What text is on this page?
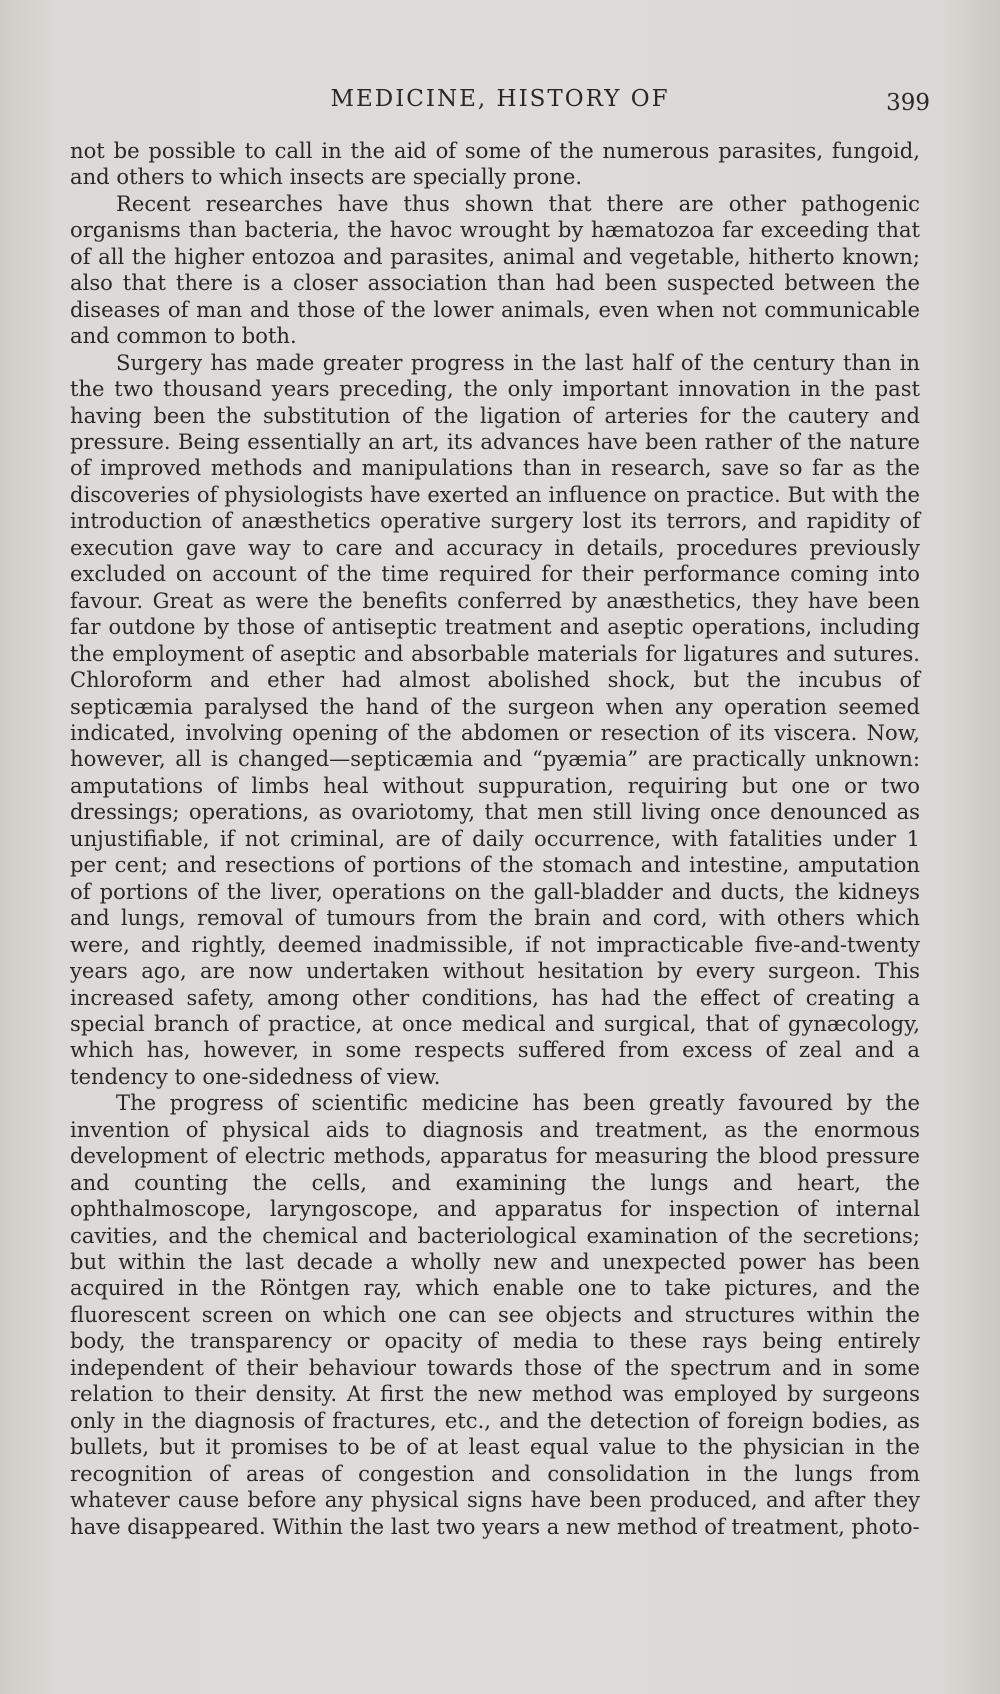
MEDICINE, HISTORY OF	399

not be possible to call in the aid of some of the numerous parasites, fungoid, and others to which insects are specially prone.

Recent researches have thus shown that there are other pathogenic organisms than bacteria, the havoc wrought by hæmatozoa far exceeding that of all the higher entozoa and parasites, animal and vegetable, hitherto known; also that there is a closer association than had been suspected between the diseases of man and those of the lower animals, even when not communicable and common to both.

Surgery has made greater progress in the last half of the century than in the two thousand years preceding, the only important innovation in the past having been the substitution of the ligation of arteries for the cautery and pressure. Being essentially an art, its advances have been rather of the nature of improved methods and manipulations than in research, save so far as the discoveries of physiologists have exerted an influence on practice. But with the introduction of anæsthetics operative surgery lost its terrors, and rapidity of execution gave way to care and accuracy in details, procedures previously excluded on account of the time required for their performance coming into favour. Great as were the benefits conferred by anæsthetics, they have been far outdone by those of antiseptic treatment and aseptic operations, including the employment of aseptic and absorbable materials for ligatures and sutures. Chloroform and ether had almost abolished shock, but the incubus of septicæmia paralysed the hand of the surgeon when any operation seemed indicated, involving opening of the abdomen or resection of its viscera. Now, however, all is changed—septicæmia and “pyæmia” are practically unknown: amputations of limbs heal without suppuration, requiring but one or two dressings; operations, as ovariotomy, that men still living once denounced as unjustifiable, if not criminal, are of daily occurrence, with fatalities under 1 per cent; and resections of portions of the stomach and intestine, amputation of portions of the liver, operations on the gall-bladder and ducts, the kidneys and lungs, removal of tumours from the brain and cord, with others which were, and rightly, deemed inadmissible, if not impracticable five-and-twenty years ago, are now undertaken without hesitation by every surgeon. This increased safety, among other conditions, has had the effect of creating a special branch of practice, at once medical and surgical, that of gynæcology, which has, however, in some respects suffered from excess of zeal and a tendency to one-sidedness of view.

The progress of scientific medicine has been greatly favoured by the invention of physical aids to diagnosis and treatment, as the enormous development of electric methods, apparatus for measuring the blood pressure and counting the cells, and examining the lungs and heart, the ophthalmoscope, laryngoscope, and apparatus for inspection of internal cavities, and the chemical and bacteriological examination of the secretions; but within the last decade a wholly new and unexpected power has been acquired in the Röntgen ray, which enable one to take pictures, and the fluorescent screen on which one can see objects and structures within the body, the transparency or opacity of media to these rays being entirely independent of their behaviour towards those of the spectrum and in some relation to their density. At first the new method was employed by surgeons only in the diagnosis of fractures, etc., and the detection of foreign bodies, as bullets, but it promises to be of at least equal value to the physician in the recognition of areas of congestion and consolidation in the lungs from whatever cause before any physical signs have been produced, and after they have disappeared. Within the last two years a new method of treatment, photo-
